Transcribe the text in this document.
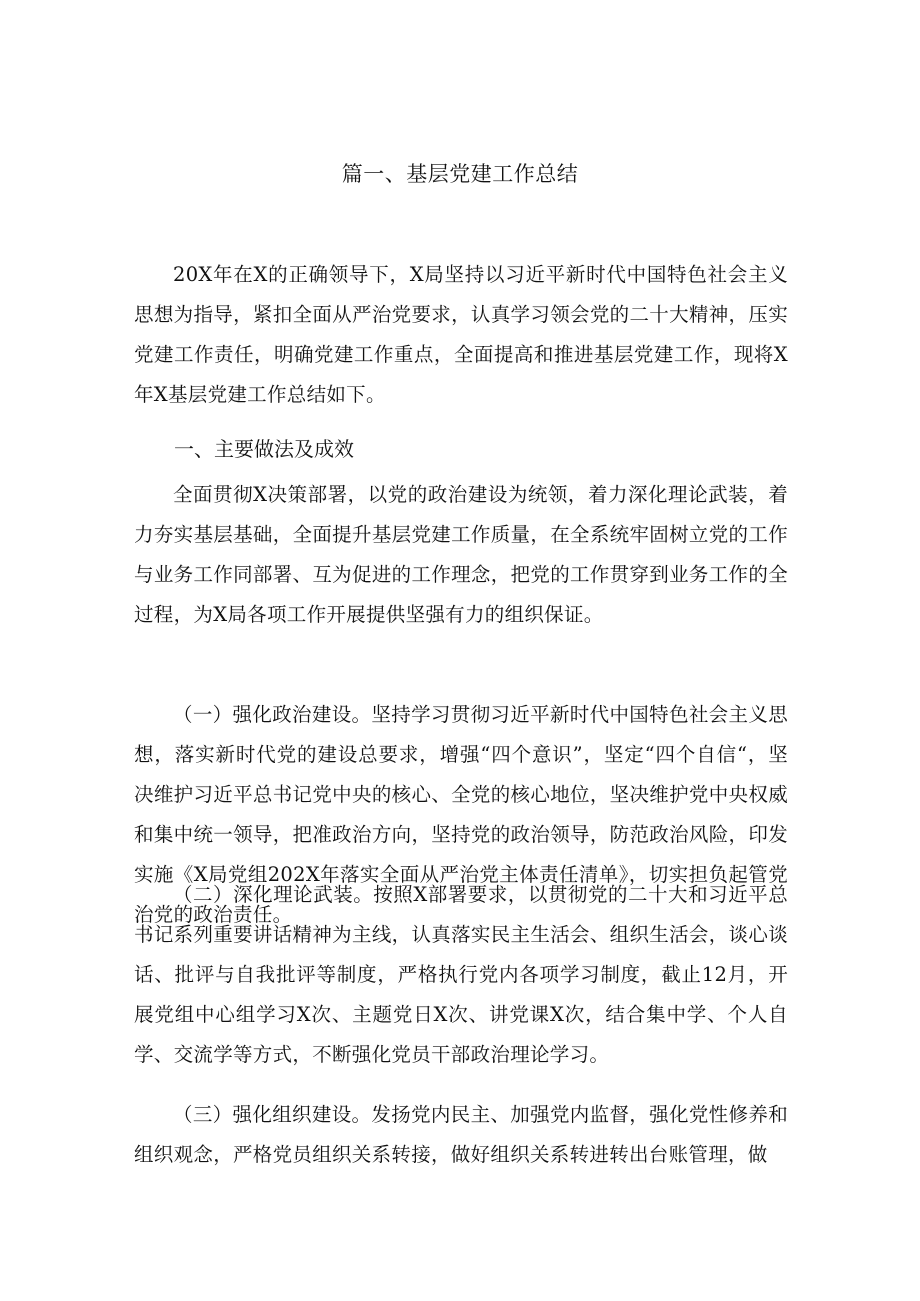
篇一、基层党建工作总结

20X年在X的正确领导下，X局坚持以习近平新时代中国特色社会主义思想为指导，紧扣全面从严治党要求，认真学习领会党的二十大精神，压实党建工作责任，明确党建工作重点，全面提高和推进基层党建工作，现将X年X基层党建工作总结如下。

一、主要做法及成效

全面贯彻X决策部署，以党的政治建设为统领，着力深化理论武装，着力夯实基层基础，全面提升基层党建工作质量，在全系统牢固树立党的工作与业务工作同部署、互为促进的工作理念，把党的工作贯穿到业务工作的全过程，为X局各项工作开展提供坚强有力的组织保证。

（一）强化政治建设。坚持学习贯彻习近平新时代中国特色社会主义思想，落实新时代党的建设总要求，增强“四个意识”，坚定“四个自信“，坚决维护习近平总书记党中央的核心、全党的核心地位，坚决维护党中央权威和集中统一领导，把准政治方向，坚持党的政治领导，防范政治风险，印发实施《X局党组202X年落实全面从严治党主体责任清单》，切实担负起管党治党的政治责任。

（二）深化理论武装。按照X部署要求，以贯彻党的二十大和习近平总书记系列重要讲话精神为主线，认真落实民主生活会、组织生活会，谈心谈话、批评与自我批评等制度，严格执行党内各项学习制度，截止12月，开展党组中心组学习X次、主题党日X次、讲党课X次，结合集中学、个人自学、交流学等方式，不断强化党员干部政治理论学习。

（三）强化组织建设。发扬党内民主、加强党内监督，强化党性修养和组织观念，严格党员组织关系转接，做好组织关系转进转出台账管理，做
